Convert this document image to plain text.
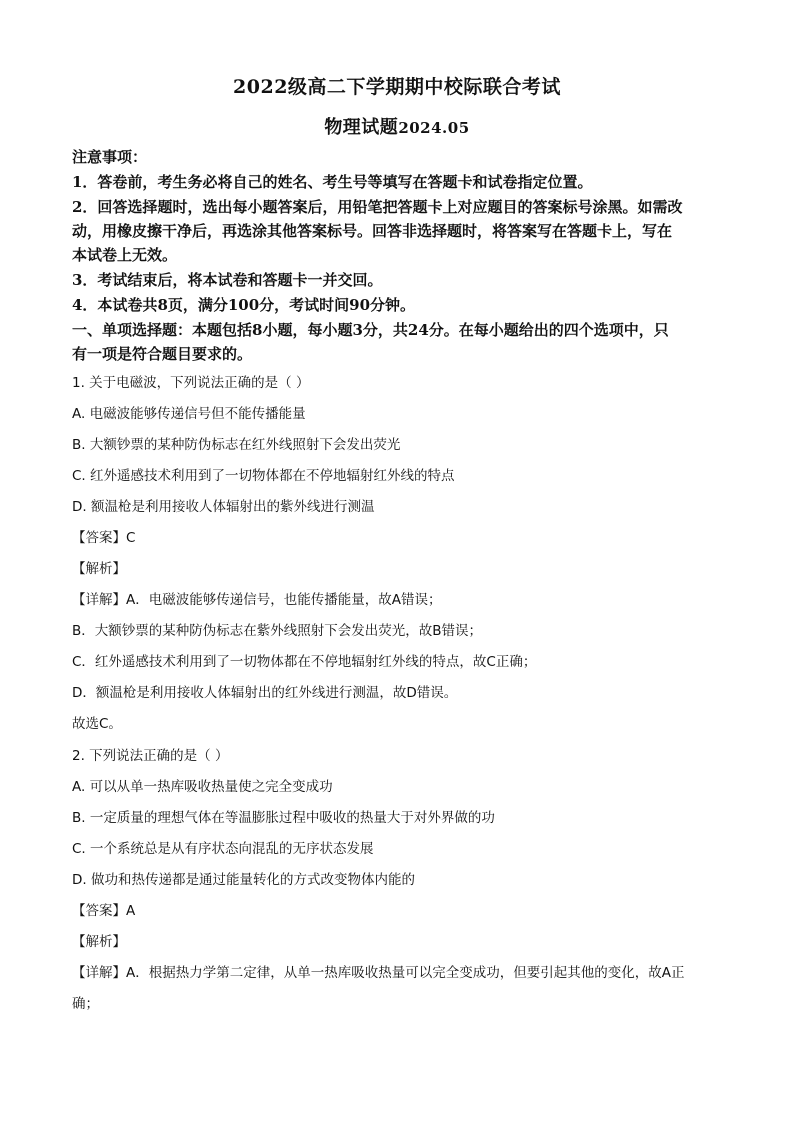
2022级高二下学期期中校际联合考试
物理试题2024.05
注意事项：
1．答卷前，考生务必将自己的姓名、考生号等填写在答题卡和试卷指定位置。
2．回答选择题时，选出每小题答案后，用铅笔把答题卡上对应题目的答案标号涂黑。如需改
动，用橡皮擦干净后，再选涂其他答案标号。回答非选择题时，将答案写在答题卡上，写在
本试卷上无效。
3．考试结束后，将本试卷和答题卡一并交回。
4．本试卷共8页，满分100分，考试时间90分钟。
一、单项选择题：本题包括8小题，每小题3分，共24分。在每小题给出的四个选项中，只
有一项是符合题目要求的。
1. 关于电磁波，下列说法正确的是（ ）
A. 电磁波能够传递信号但不能传播能量
B. 大额钞票的某种防伪标志在红外线照射下会发出荧光
C. 红外遥感技术利用到了一切物体都在不停地辐射红外线的特点
D. 额温枪是利用接收人体辐射出的紫外线进行测温
【答案】C
【解析】
【详解】A．电磁波能够传递信号，也能传播能量，故A错误；
B．大额钞票的某种防伪标志在紫外线照射下会发出荧光，故B错误；
C．红外遥感技术利用到了一切物体都在不停地辐射红外线的特点，故C正确；
D．额温枪是利用接收人体辐射出的红外线进行测温，故D错误。
故选C。
2. 下列说法正确的是（ ）
A. 可以从单一热库吸收热量使之完全变成功
B. 一定质量的理想气体在等温膨胀过程中吸收的热量大于对外界做的功
C. 一个系统总是从有序状态向混乱的无序状态发展
D. 做功和热传递都是通过能量转化的方式改变物体内能的
【答案】A
【解析】
【详解】A．根据热力学第二定律，从单一热库吸收热量可以完全变成功，但要引起其他的变化，故A正
确；
